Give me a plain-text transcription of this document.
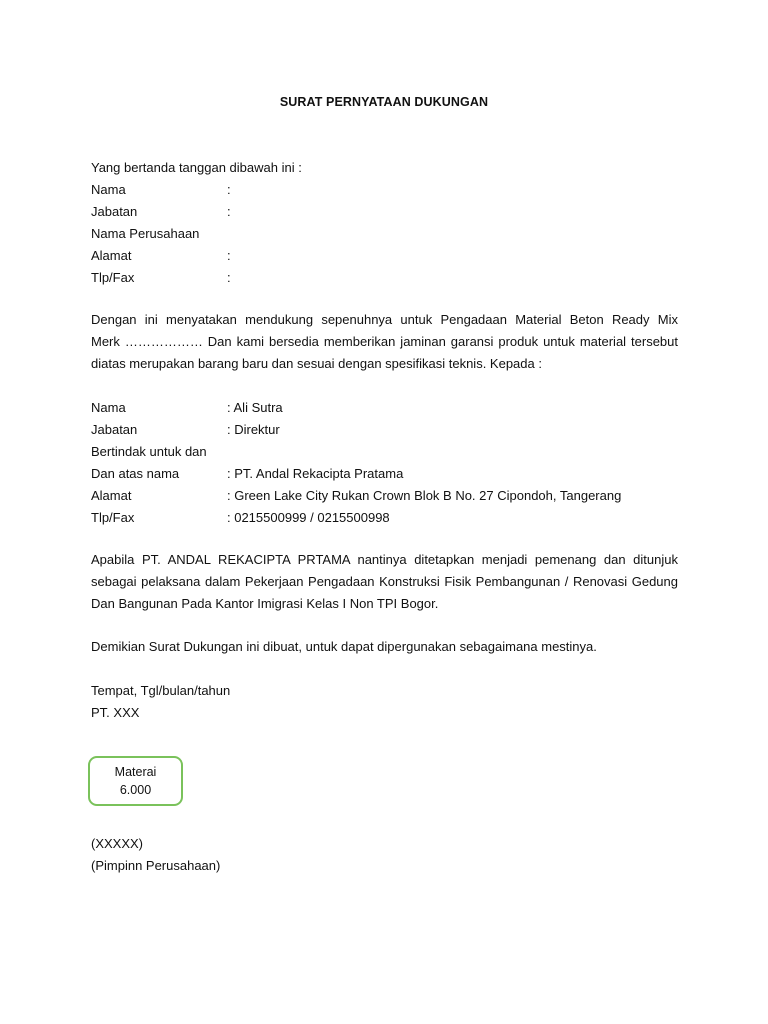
SURAT PERNYATAAN DUKUNGAN
Yang bertanda tanggan dibawah ini :
Nama	:
Jabatan	:
Nama Perusahaan
Alamat	:
Tlp/Fax	:
Dengan ini menyatakan mendukung sepenuhnya untuk Pengadaan Material Beton Ready Mix
Merk ……………… Dan kami bersedia memberikan jaminan garansi produk untuk material tersebut
diatas merupakan barang baru dan sesuai dengan spesifikasi teknis. Kepada :
Nama	: Ali Sutra
Jabatan	: Direktur
Bertindak untuk dan
Dan atas nama	: PT. Andal Rekacipta Pratama
Alamat	: Green Lake City Rukan Crown Blok B No. 27 Cipondoh, Tangerang
Tlp/Fax	: 0215500999 / 0215500998
Apabila PT. ANDAL REKACIPTA PRTAMA nantinya ditetapkan menjadi pemenang dan ditunjuk
sebagai pelaksana dalam Pekerjaan Pengadaan Konstruksi Fisik Pembangunan / Renovasi Gedung
Dan Bangunan Pada Kantor Imigrasi Kelas I Non TPI Bogor.
Demikian Surat Dukungan ini dibuat, untuk dapat dipergunakan sebagaimana mestinya.
Tempat, Tgl/bulan/tahun
PT. XXX
Materai
6.000
(XXXXX)
(Pimpinn Perusahaan)
